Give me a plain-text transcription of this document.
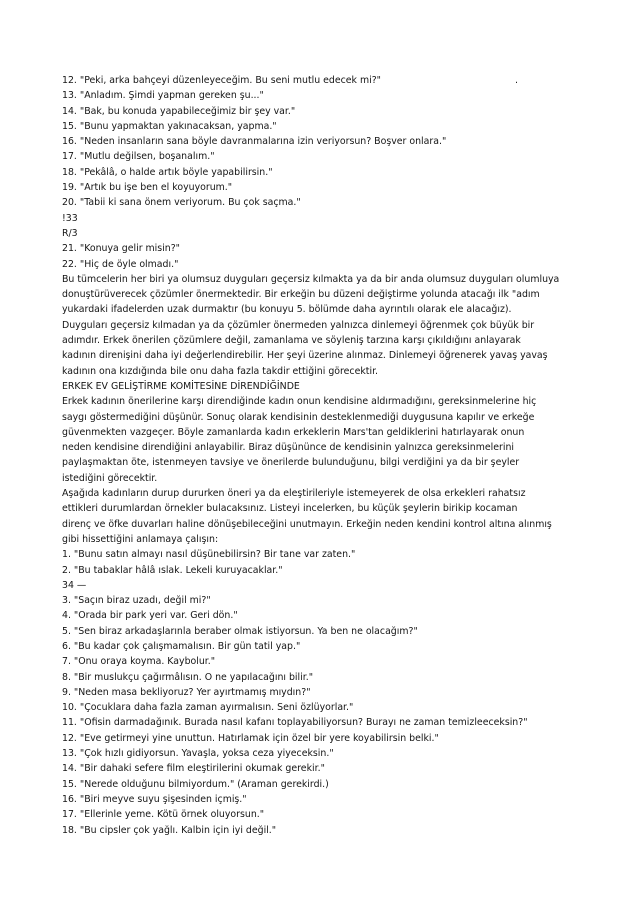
.
12. "Peki, arka bahçeyi düzenleyeceğim. Bu seni mutlu edecek mi?"
13. "Anladım. Şimdi yapman gereken şu..."
14. "Bak, bu konuda yapabileceğimiz bir şey var."
15. "Bunu yapmaktan yakınacaksan, yapma."
16. "Neden insanların sana böyle davranmalarına izin veriyorsun? Boşver onlara."
17. "Mutlu değilsen, boşanalım."
18. "Pekâlâ, o halde artık böyle yapabilirsin."
19. "Artık bu işe ben el koyuyorum."
20. "Tabii ki sana önem veriyorum. Bu çok saçma."
!33
R/3
21. "Konuya gelir misin?"
22. "Hiç de öyle olmadı."
Bu tümcelerin her biri ya olumsuz duyguları geçersiz kılmakta ya da bir anda olumsuz duyguları olumluya
donuştürüverecek çözümler önermektedir. Bir erkeğin bu düzeni değiştirme yolunda atacağı ilk "adım
yukardaki ifadelerden uzak durmaktır (bu konuyu 5. bölümde daha ayrıntılı olarak ele alacağız).
Duyguları geçersiz kılmadan ya da çözümler önermeden yalnızca dinlemeyi öğrenmek çok büyük bir
adımdır. Erkek önerilen çözümlere değil, zamanlama ve söyleniş tarzına karşı çıkıldığını anlayarak
kadının direnişini daha iyi değerlendirebilir. Her şeyi üzerine alınmaz. Dinlemeyi öğrenerek yavaş yavaş
kadının ona kızdığında bile onu daha fazla takdir ettiğini görecektir.
ERKEK EV GELİŞTİRME KOMİTESİNE DİRENDİĞİNDE
Erkek kadının önerilerine karşı direndiğinde kadın onun kendisine aldırmadığını, gereksinmelerine hiç
saygı göstermediğini düşünür. Sonuç olarak kendisinin desteklenmediği duygusuna kapılır ve erkeğe
güvenmekten vazgeçer. Böyle zamanlarda kadın erkeklerin Mars'tan geldiklerini hatırlayarak onun
neden kendisine direndiğini anlayabilir. Biraz düşününce de kendisinin yalnızca gereksinmelerini
paylaşmaktan öte, istenmeyen tavsiye ve önerilerde bulunduğunu, bilgi verdiğini ya da bir şeyler
istediğini görecektir.
Aşağıda kadınların durup dururken öneri ya da eleştirileriyle istemeyerek de olsa erkekleri rahatsız
ettikleri durumlardan örnekler bulacaksınız. Listeyi incelerken, bu küçük şeylerin birikip kocaman
direnç ve öfke duvarları haline dönüşebileceğini unutmayın. Erkeğin neden kendini kontrol altına alınmış
gibi hissettiğini anlamaya çalışın:
1. "Bunu satın almayı nasıl düşünebilirsin? Bir tane var zaten."
2. "Bu tabaklar hâlâ ıslak. Lekeli kuruyacaklar."
34 —
3. "Saçın biraz uzadı, değil mi?"
4. "Orada bir park yeri var. Geri dön."
5. "Sen biraz arkadaşlarınla beraber olmak istiyorsun. Ya ben ne olacağım?"
6. "Bu kadar çok çalışmamalısın. Bir gün tatil yap."
7. "Onu oraya koyma. Kaybolur."
8. "Bir muslukçu çağırmâlısın. O ne yapılacağını bilir."
9. "Neden masa bekliyoruz? Yer ayırtmamış mıydın?"
10. "Çocuklara daha fazla zaman ayırmalısın. Seni özlüyorlar."
11. "Ofisin darmadağınık. Burada nasıl kafanı toplayabiliyorsun? Burayı ne zaman temizleeceksin?"
12. "Eve getirmeyi yine unuttun. Hatırlamak için özel bir yere koyabilirsin belki."
13. "Çok hızlı gidiyorsun. Yavaşla, yoksa ceza yiyeceksin."
14. "Bir dahaki sefere film eleştirilerini okumak gerekir."
15. "Nerede olduğunu bilmiyordum." (Araman gerekirdi.)
16. "Biri meyve suyu şişesinden içmiş."
17. "Ellerinle yeme. Kötü örnek oluyorsun."
18. "Bu cipsler çok yağlı. Kalbin için iyi değil."
